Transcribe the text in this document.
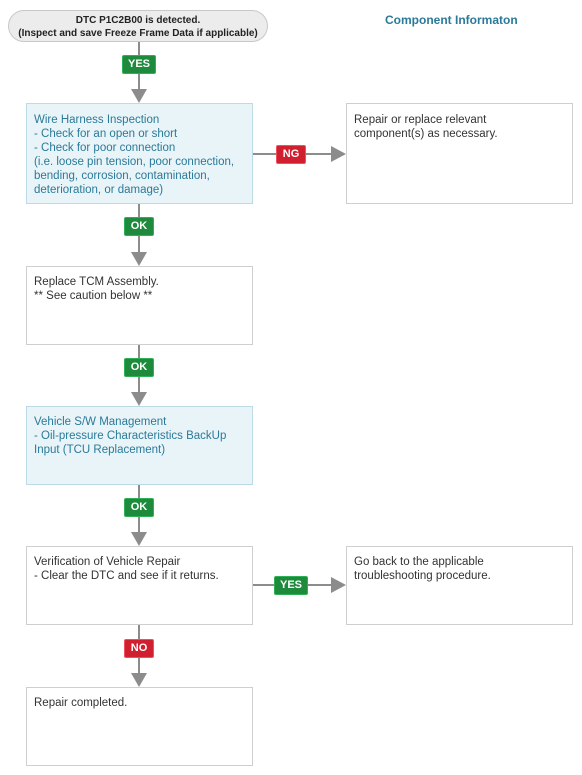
DTC P1C2B00 is detected.
(Inspect and save Freeze Frame Data if applicable)
Component Informaton
Wire Harness Inspection
- Check for an open or short
- Check for poor connection
(i.e. loose pin tension, poor connection,
bending, corrosion, contamination,
deterioration, or damage)
Repair or replace relevant
component(s) as necessary.
Replace TCM Assembly.
** See caution below **
Vehicle S/W Management
- Oil-pressure Characteristics BackUp
Input (TCU Replacement)
Verification of Vehicle Repair
- Clear the DTC and see if it returns.
Go back to the applicable
troubleshooting procedure.
Repair completed.
YES
NG
OK
OK
OK
YES
NO
